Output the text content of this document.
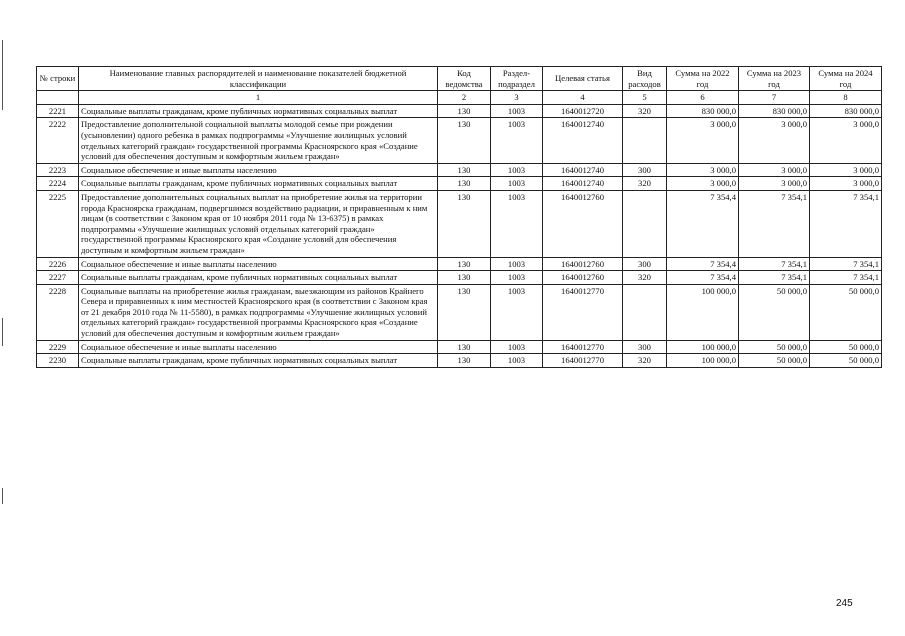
№ строки	Наименование главных распорядителей и наименование показателей бюджетной классификации	Код ведомства	Раздел-подраздел	Целевая статья	Вид расходов	Сумма на 2022 год	Сумма на 2023 год	Сумма на 2024 год
	1	2	3	4	5	6	7	8
2221	Социальные выплаты гражданам, кроме публичных нормативных социальных выплат	130	1003	1640012720	320	830 000,0	830 000,0	830 000,0
2222	Предоставление дополнительной социальной выплаты молодой семье при рождении (усыновлении) одного ребенка в рамках подпрограммы «Улучшение жилищных условий отдельных категорий граждан» государственной программы Красноярского края «Создание условий для обеспечения доступным и комфортным жильем граждан»	130	1003	1640012740		3 000,0	3 000,0	3 000,0
2223	Социальное обеспечение и иные выплаты населению	130	1003	1640012740	300	3 000,0	3 000,0	3 000,0
2224	Социальные выплаты гражданам, кроме публичных нормативных социальных выплат	130	1003	1640012740	320	3 000,0	3 000,0	3 000,0
2225	Предоставление дополнительных социальных выплат на приобретение жилья на территории города Красноярска гражданам, подвергшимся воздействию радиации, и приравненным к ним лицам (в соответствии с Законом края от 10 ноября 2011 года № 13-6375) в рамках подпрограммы «Улучшение жилищных условий отдельных категорий граждан» государственной программы Красноярского края «Создание условий для обеспечения доступным и комфортным жильем граждан»	130	1003	1640012760		7 354,4	7 354,1	7 354,1
2226	Социальное обеспечение и иные выплаты населению	130	1003	1640012760	300	7 354,4	7 354,1	7 354,1
2227	Социальные выплаты гражданам, кроме публичных нормативных социальных выплат	130	1003	1640012760	320	7 354,4	7 354,1	7 354,1
2228	Социальные выплаты на приобретение жилья гражданам, выезжающим из районов Крайнего Севера и приравненных к ним местностей Красноярского края (в соответствии с Законом края от 21 декабря 2010 года № 11-5580), в рамках подпрограммы «Улучшение жилищных условий отдельных категорий граждан» государственной программы Красноярского края «Создание условий для обеспечения доступным и комфортным жильем граждан»	130	1003	1640012770		100 000,0	50 000,0	50 000,0
2229	Социальное обеспечение и иные выплаты населению	130	1003	1640012770	300	100 000,0	50 000,0	50 000,0
2230	Социальные выплаты гражданам, кроме публичных нормативных социальных выплат	130	1003	1640012770	320	100 000,0	50 000,0	50 000,0
245
